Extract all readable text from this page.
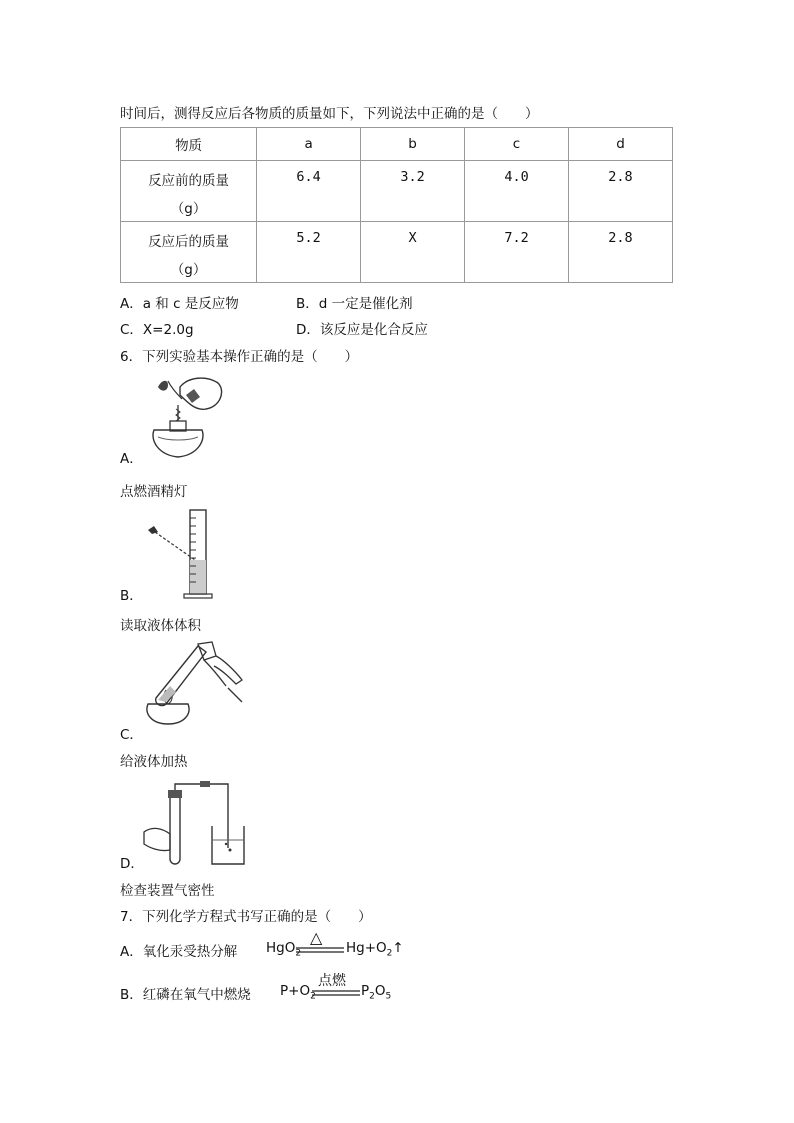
时间后，测得反应后各物质的质量如下，下列说法中正确的是（　　）
物质	a	b	c	d
反应前的质量
（g）	6.4	3.2	4.0	2.8
反应后的质量
（g）	5.2	X	7.2	2.8
A．a 和 c 是反应物	B．d 一定是催化剂
C．X=2.0g	D．该反应是化合反应
6．下列实验基本操作正确的是（　　）
A．
点燃酒精灯
B．
读取液体体积
C．
给液体加热
D．
检查装置气密性
7．下列化学方程式书写正确的是（　　）
A．氧化汞受热分解 HgO$_2$
△
$Hg+O_2↑$
B．红磷在氧气中燃烧 $P+O_2$
点燃
$P_2O_5$
